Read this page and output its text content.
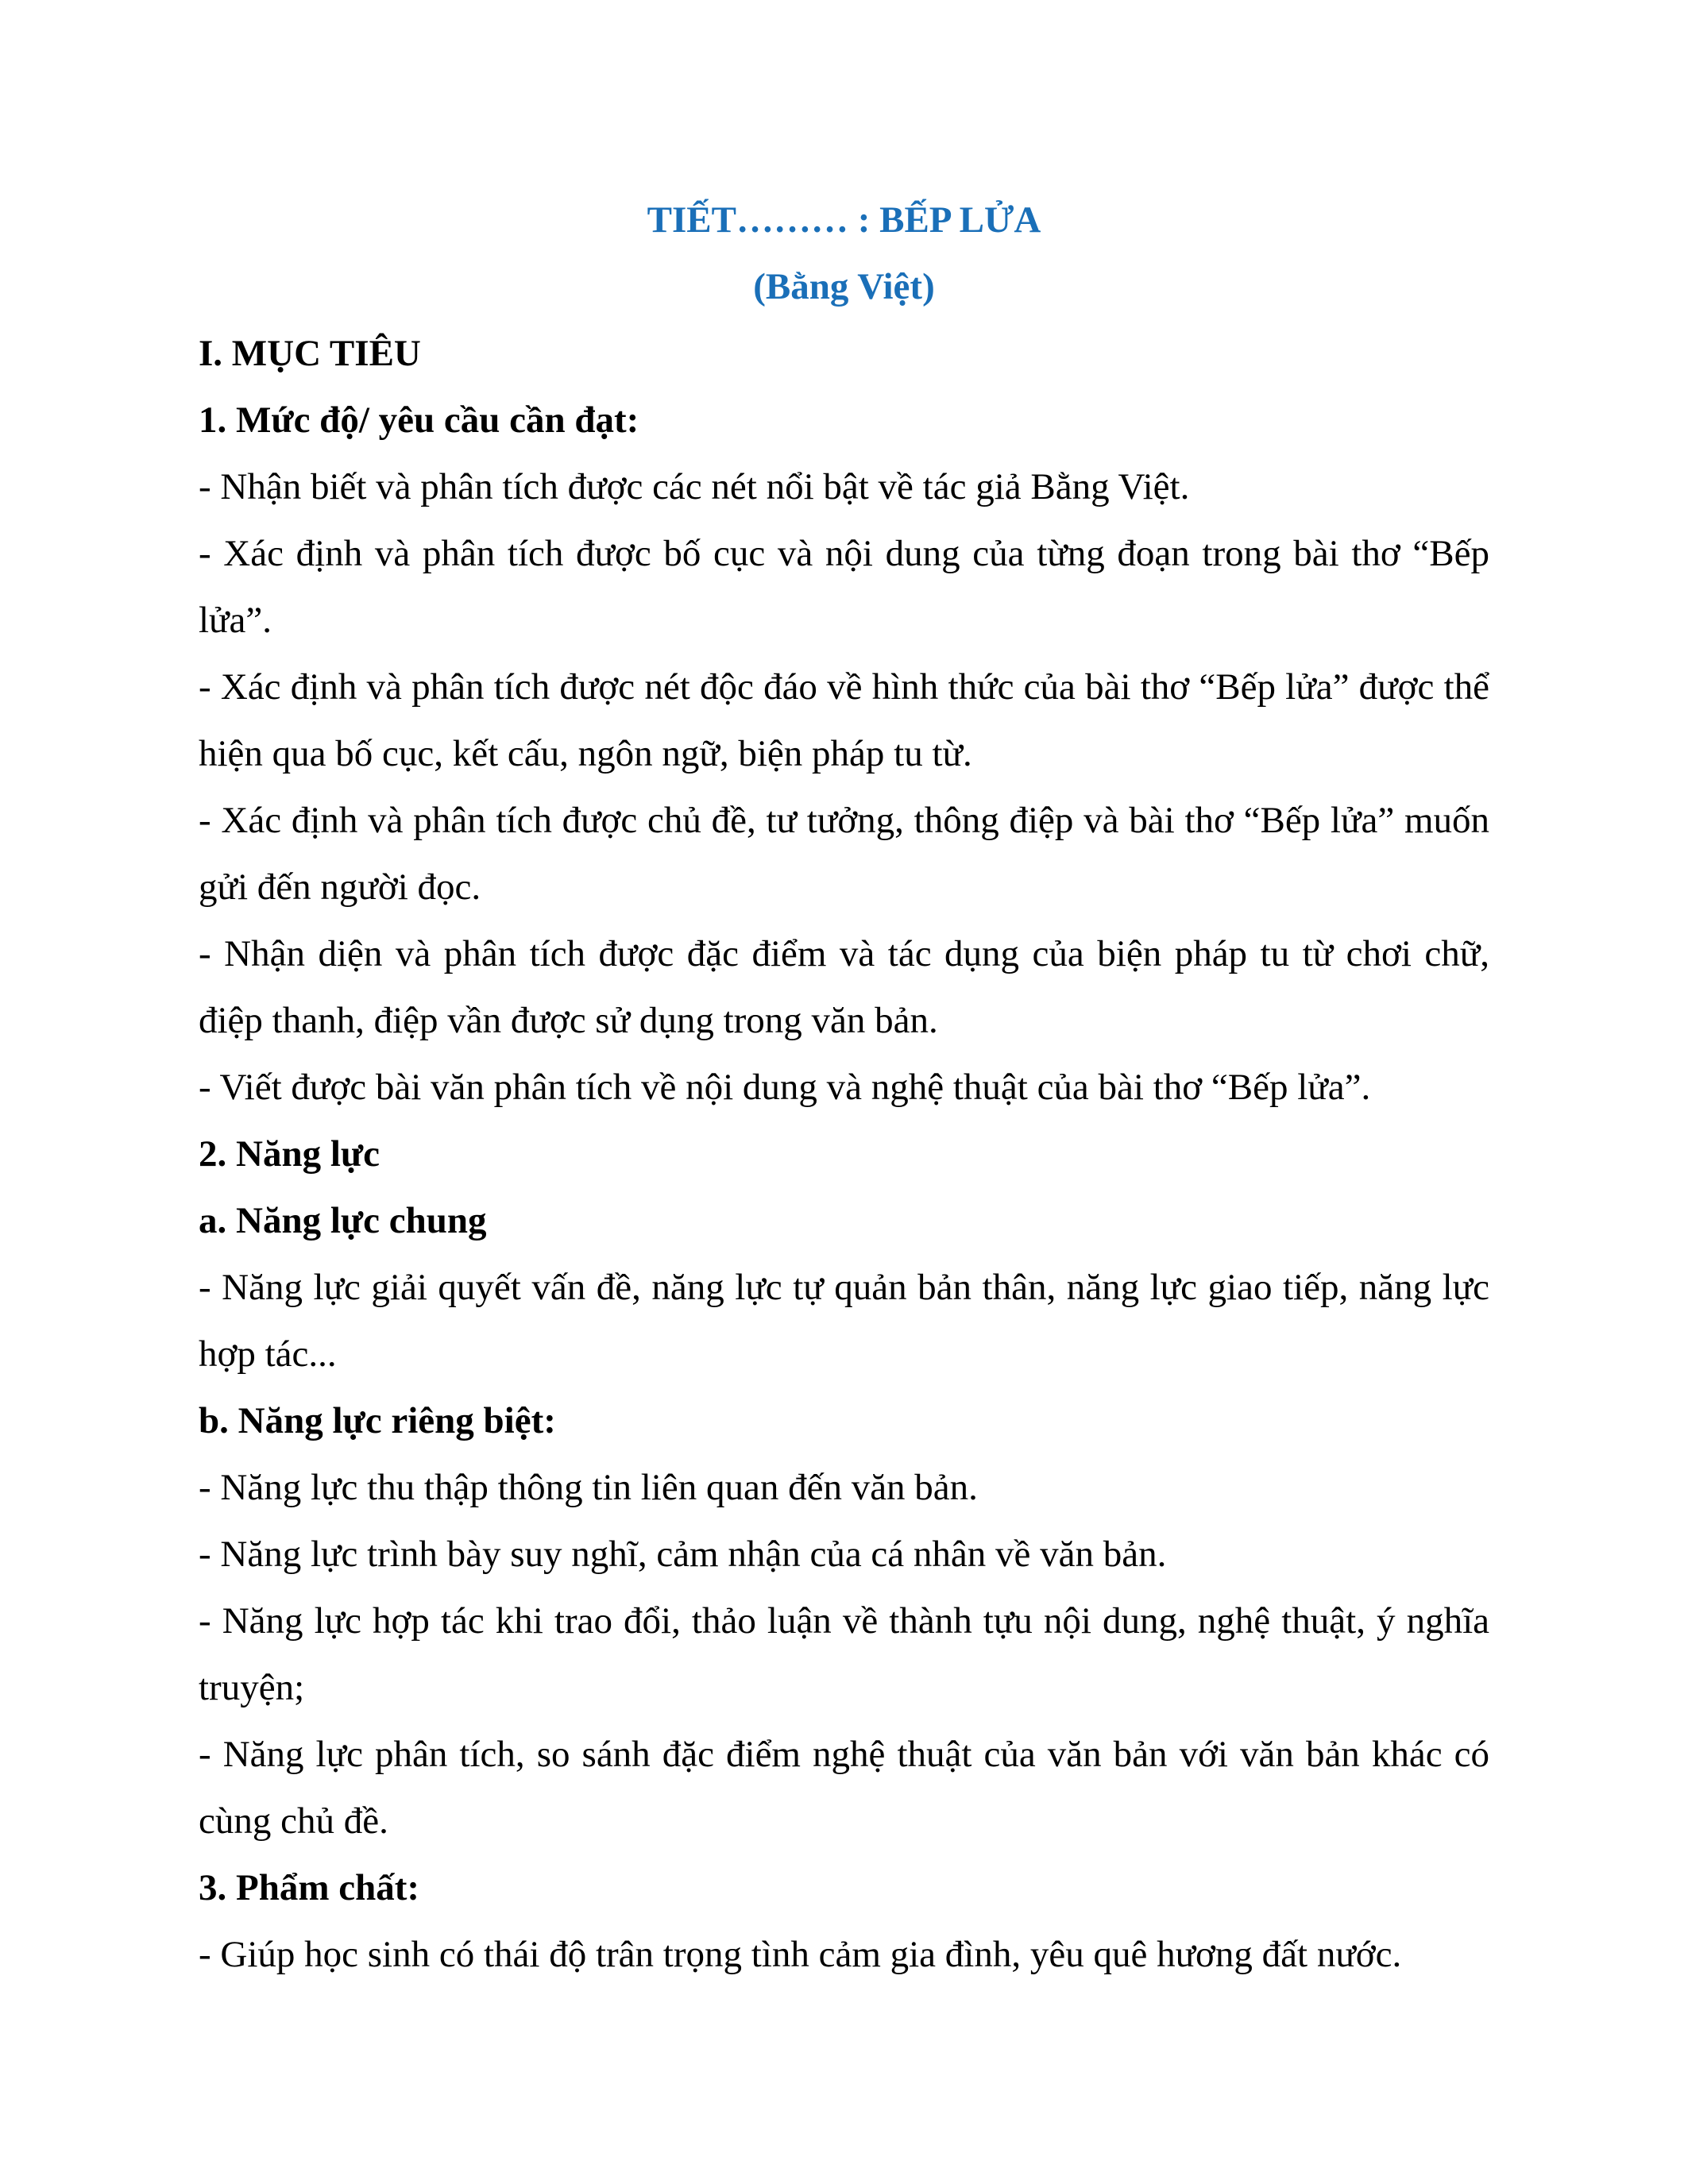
TIẾT……… : BẾP LỬA

(Bằng Việt)

I. MỤC TIÊU

1. Mức độ/ yêu cầu cần đạt:

- Nhận biết và phân tích được các nét nổi bật về tác giả Bằng Việt.

- Xác định và phân tích được bố cục và nội dung của từng đoạn trong bài thơ “Bếp lửa”.

- Xác định và phân tích được nét độc đáo về hình thức của bài thơ “Bếp lửa” được thể hiện qua bố cục, kết cấu, ngôn ngữ, biện pháp tu từ.

- Xác định và phân tích được chủ đề, tư tưởng, thông điệp và bài thơ “Bếp lửa” muốn gửi đến người đọc.

- Nhận diện và phân tích được đặc điểm và tác dụng của biện pháp tu từ chơi chữ, điệp thanh, điệp vần được sử dụng trong văn bản.

- Viết được bài văn phân tích về nội dung và nghệ thuật của bài thơ “Bếp lửa”.

2. Năng lực

a. Năng lực chung

- Năng lực giải quyết vấn đề, năng lực tự quản bản thân, năng lực giao tiếp, năng lực hợp tác...

b. Năng lực riêng biệt:

- Năng lực thu thập thông tin liên quan đến văn bản.

- Năng lực trình bày suy nghĩ, cảm nhận của cá nhân về văn bản.

- Năng lực hợp tác khi trao đổi, thảo luận về thành tựu nội dung, nghệ thuật, ý nghĩa truyện;

- Năng lực phân tích, so sánh đặc điểm nghệ thuật của văn bản với văn bản khác có cùng chủ đề.

3. Phẩm chất:

- Giúp học sinh có thái độ trân trọng tình cảm gia đình, yêu quê hương đất nước.
